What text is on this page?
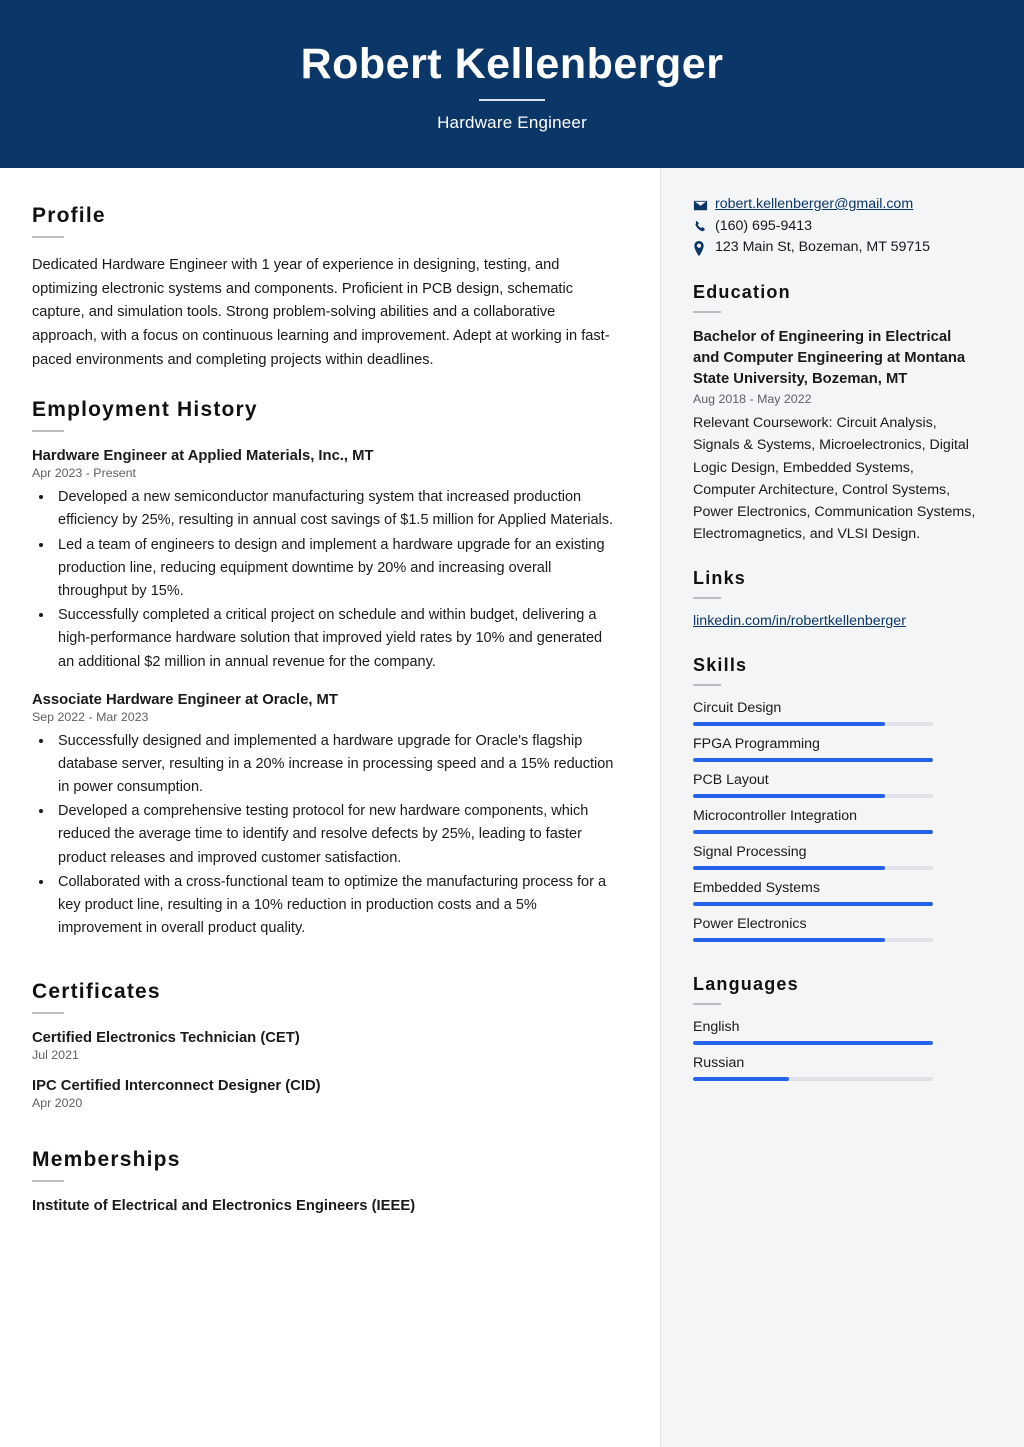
Robert Kellenberger
Hardware Engineer
Profile

Dedicated Hardware Engineer with 1 year of experience in designing, testing, and optimizing electronic systems and components. Proficient in PCB design, schematic capture, and simulation tools. Strong problem-solving abilities and a collaborative approach, with a focus on continuous learning and improvement. Adept at working in fast-paced environments and completing projects within deadlines.

Employment History

Hardware Engineer at Applied Materials, Inc., MT

Apr 2023 - Present

• Developed a new semiconductor manufacturing system that increased production efficiency by 25%, resulting in annual cost savings of $1.5 million for Applied Materials.
• Led a team of engineers to design and implement a hardware upgrade for an existing production line, reducing equipment downtime by 20% and increasing overall throughput by 15%.
• Successfully completed a critical project on schedule and within budget, delivering a high-performance hardware solution that improved yield rates by 10% and generated an additional $2 million in annual revenue for the company.

Associate Hardware Engineer at Oracle, MT

Sep 2022 - Mar 2023

• Successfully designed and implemented a hardware upgrade for Oracle's flagship database server, resulting in a 20% increase in processing speed and a 15% reduction in power consumption.
• Developed a comprehensive testing protocol for new hardware components, which reduced the average time to identify and resolve defects by 25%, leading to faster product releases and improved customer satisfaction.
• Collaborated with a cross-functional team to optimize the manufacturing process for a key product line, resulting in a 10% reduction in production costs and a 5% improvement in overall product quality.
Certificates

Certified Electronics Technician (CET)

Jul 2021

IPC Certified Interconnect Designer (CID)

Apr 2020

Memberships

Institute of Electrical and Electronics Engineers (IEEE)

robert.kellenberger@gmail.com
(160) 695-9413
123 Main St, Bozeman, MT 59715
Education

Bachelor of Engineering in Electrical and Computer Engineering at Montana State University, Bozeman, MT

Aug 2018 - May 2022

Relevant Coursework: Circuit Analysis, Signals & Systems, Microelectronics, Digital Logic Design, Embedded Systems, Computer Architecture, Control Systems, Power Electronics, Communication Systems, Electromagnetics, and VLSI Design.

Links
linkedin.com/in/robertkellenberger
Skills

Circuit Design

FPGA Programming

PCB Layout

Microcontroller Integration

Signal Processing

Embedded Systems

Power Electronics

Languages

English

Russian
